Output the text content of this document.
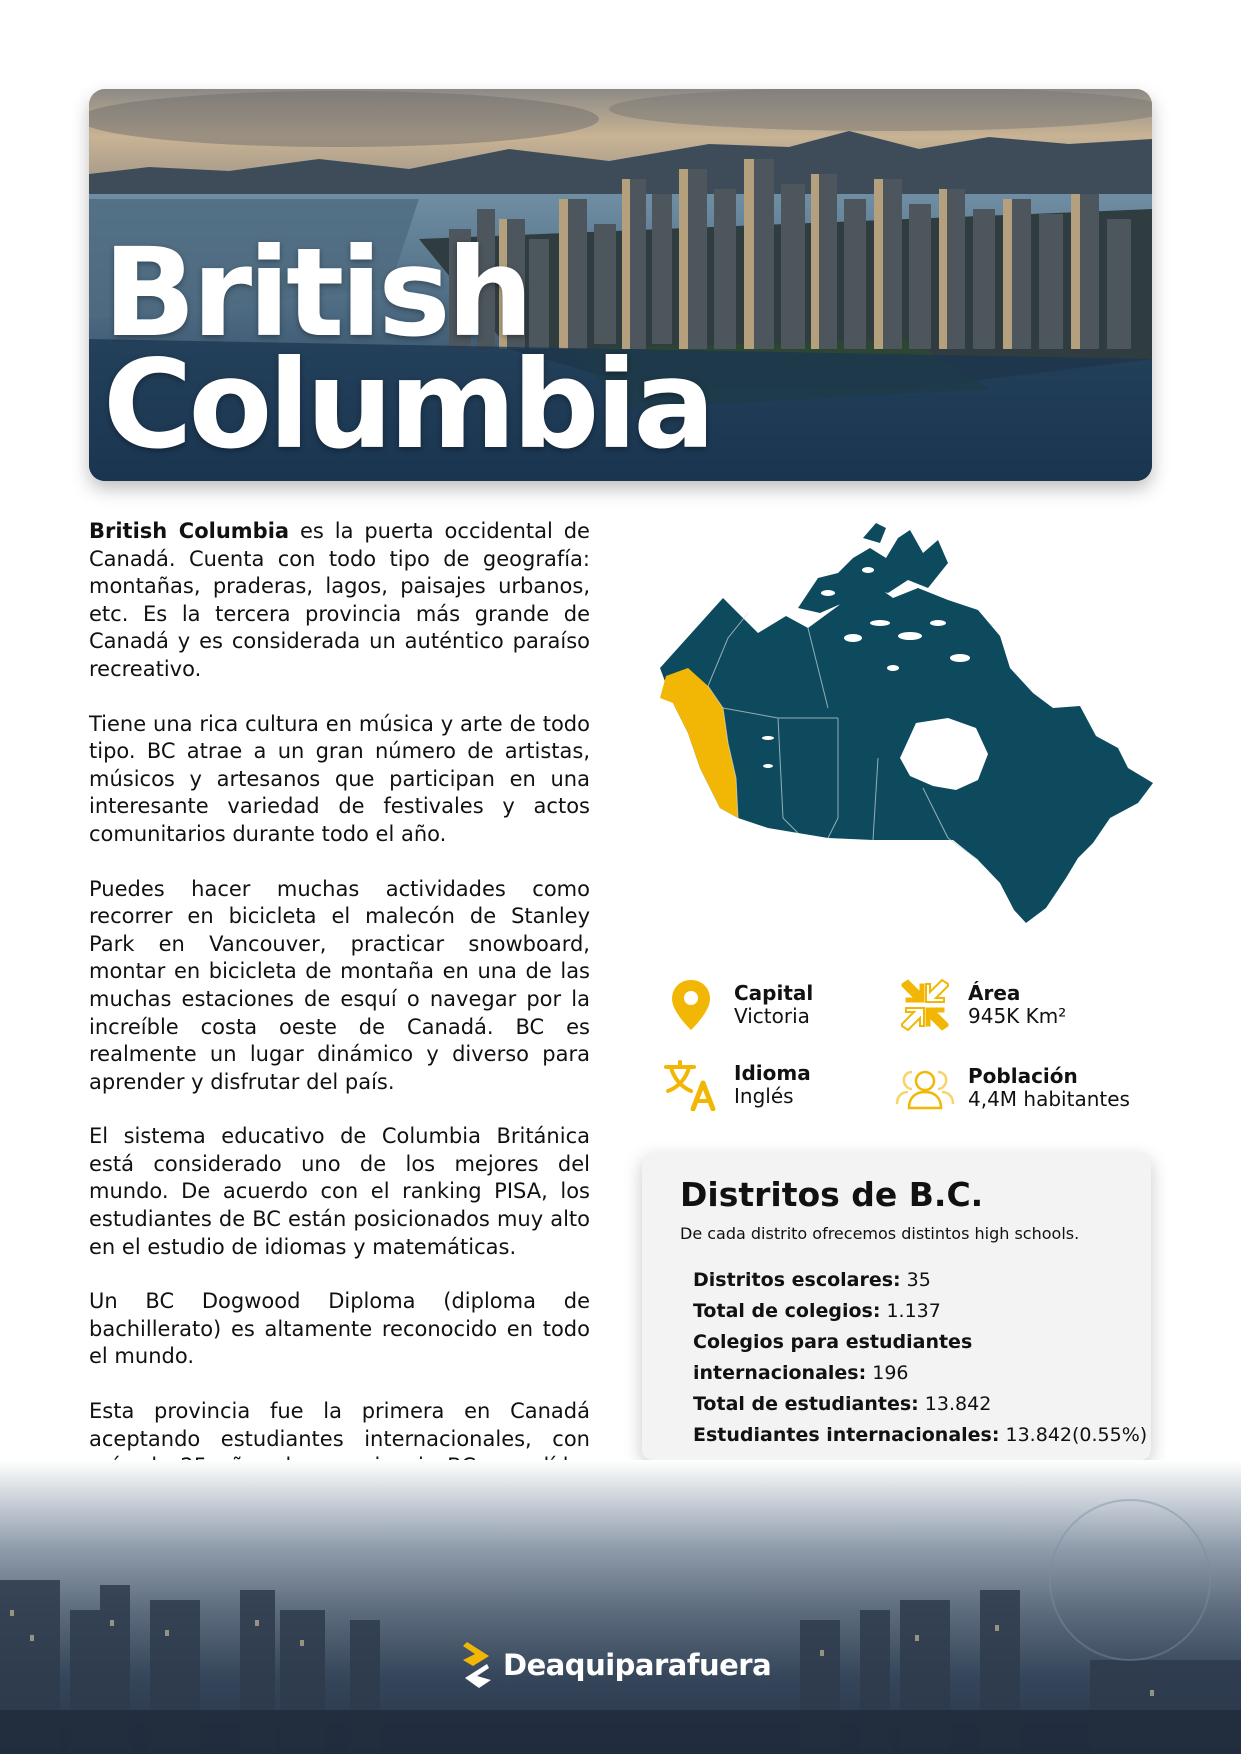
British
Columbia

British Columbia es la puerta occidental de Canadá. Cuenta con todo tipo de geografía: montañas, praderas, lagos, paisajes urbanos, etc. Es la tercera provincia más grande de Canadá y es considerada un auténtico paraíso recreativo.

Tiene una rica cultura en música y arte de todo tipo. BC atrae a un gran número de artistas, músicos y artesanos que participan en una interesante variedad de festivales y actos comunitarios durante todo el año.

Puedes hacer muchas actividades como recorrer en bicicleta el malecón de Stanley Park en Vancouver, practicar snowboard, montar en bicicleta de montaña en una de las muchas estaciones de esquí o navegar por la increíble costa oeste de Canadá. BC es realmente un lugar dinámico y diverso para aprender y disfrutar del país.

El sistema educativo de Columbia Británica está considerado uno de los mejores del mundo. De acuerdo con el ranking PISA, los estudiantes de BC están posicionados muy alto en el estudio de idiomas y matemáticas.

Un BC Dogwood Diploma (diploma de bachillerato) es altamente reconocido en todo el mundo.

Esta provincia fue la primera en Canadá aceptando estudiantes internacionales, con

Capital
Victoria
Área
945K Km²
Idioma
Inglés
Población
4,4M habitantes
Distritos de B.C.
De cada distrito ofrecemos distintos high schools.
Distritos escolares: 35
Total de colegios: 1.137
Colegios para estudiantes
internacionales: 196
Total de estudiantes: 13.842
Estudiantes internacionales: 13.842(0.55%)
Deaquiparafuera
